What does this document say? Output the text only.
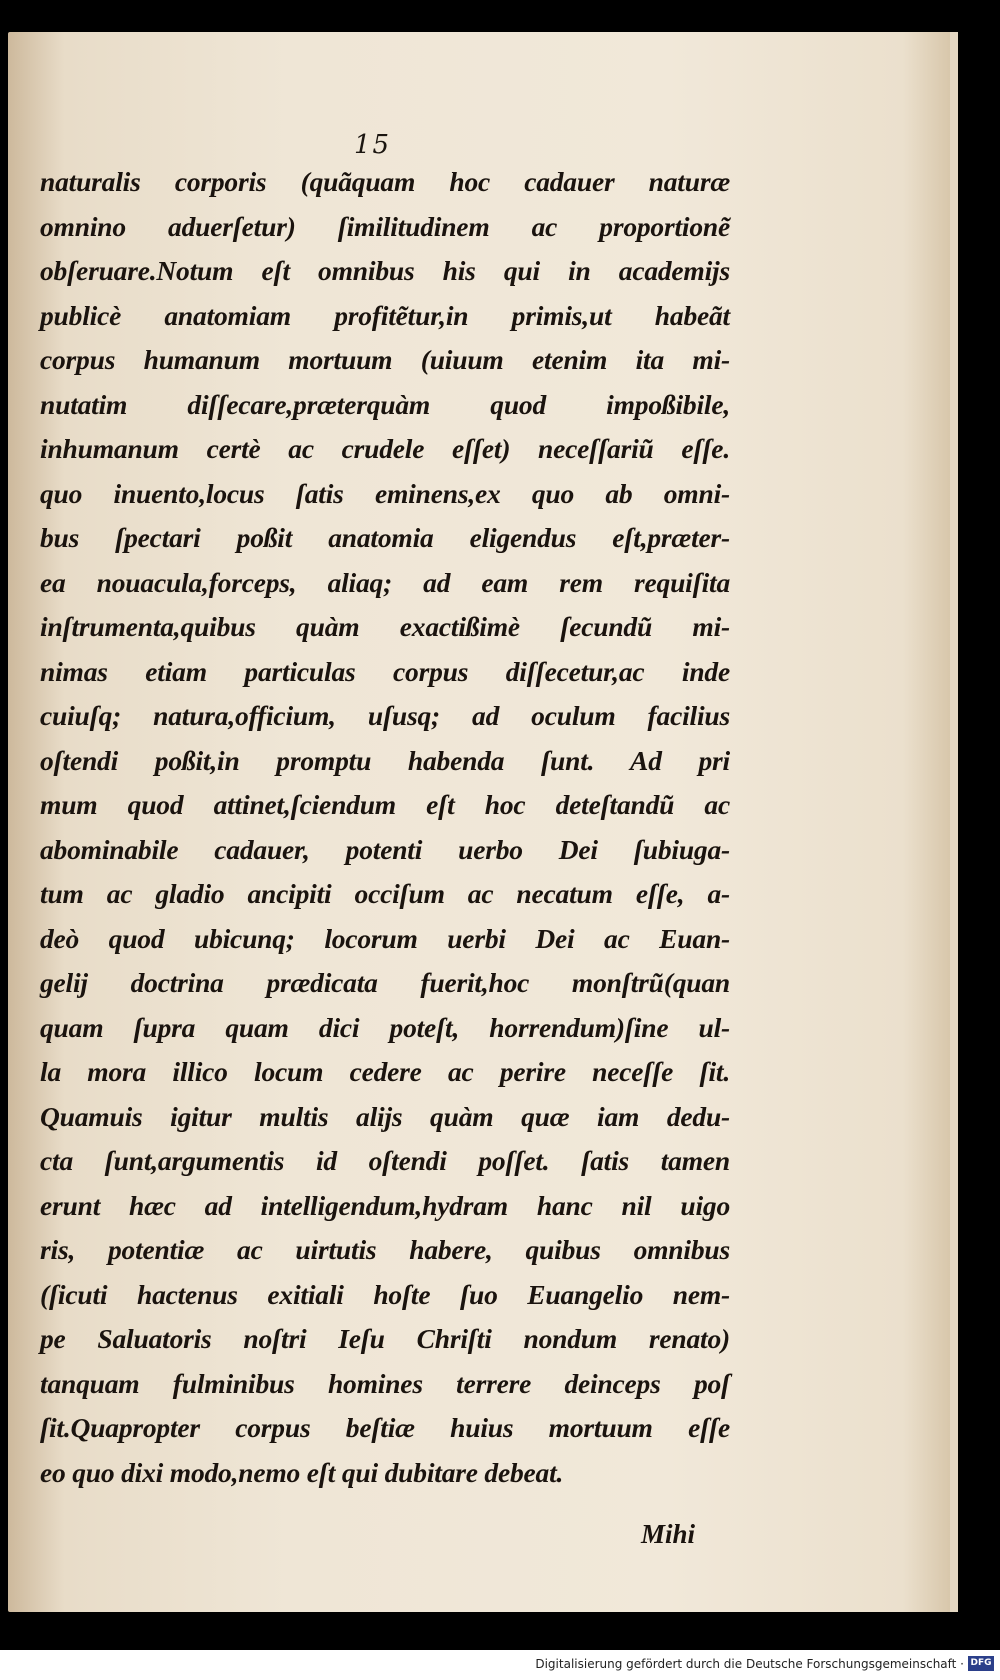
15
naturalis corporis (quãquam hoc cadauer naturæ
omnino aduerſetur) ſimilitudinem ac proportionẽ
obſeruare.Notum eſt omnibus his qui in academijs
publicè anatomiam profitẽtur,in primis,ut habeãt
corpus humanum mortuum (uiuum etenim ita mi-
nutatim diſſecare,præterquàm quod impoßibile,
inhumanum certè ac crudele eſſet) neceſſariũ eſſe.
quo inuento,locus ſatis eminens,ex quo ab omni-
bus ſpectari poßit anatomia eligendus eſt,præter-
ea nouacula,forceps, aliaq; ad eam rem requiſita
inſtrumenta,quibus quàm exactißimè ſecundũ mi-
nimas etiam particulas corpus diſſecetur,ac inde
cuiuſq; natura,officium, uſusq; ad oculum facilius
oſtendi poßit,in promptu habenda ſunt. Ad pri
mum quod attinet,ſciendum eſt hoc deteſtandũ ac
abominabile cadauer, potenti uerbo Dei ſubiuga-
tum ac gladio ancipiti occiſum ac necatum eſſe, a-
deò quod ubicunq; locorum uerbi Dei ac Euan-
gelij doctrina prædicata fuerit,hoc monſtrũ(quan
quam ſupra quam dici poteſt, horrendum)ſine ul-
la mora illico locum cedere ac perire neceſſe ſit.
Quamuis igitur multis alijs quàm quæ iam dedu-
cta ſunt,argumentis id oſtendi poſſet. ſatis tamen
erunt hæc ad intelligendum,hydram hanc nil uigo
ris, potentiæ ac uirtutis habere, quibus omnibus
(ſicuti hactenus exitiali hoſte ſuo Euangelio nem-
pe Saluatoris noſtri Ieſu Chriſti nondum renato)
tanquam fulminibus homines terrere deinceps poſ
ſit.Quapropter corpus beſtiæ huius mortuum eſſe
eo quo dixi modo,nemo eſt qui dubitare debeat.
Mihi
Digitalisierung gefördert durch die Deutsche Forschungsgemeinschaft · DFG
